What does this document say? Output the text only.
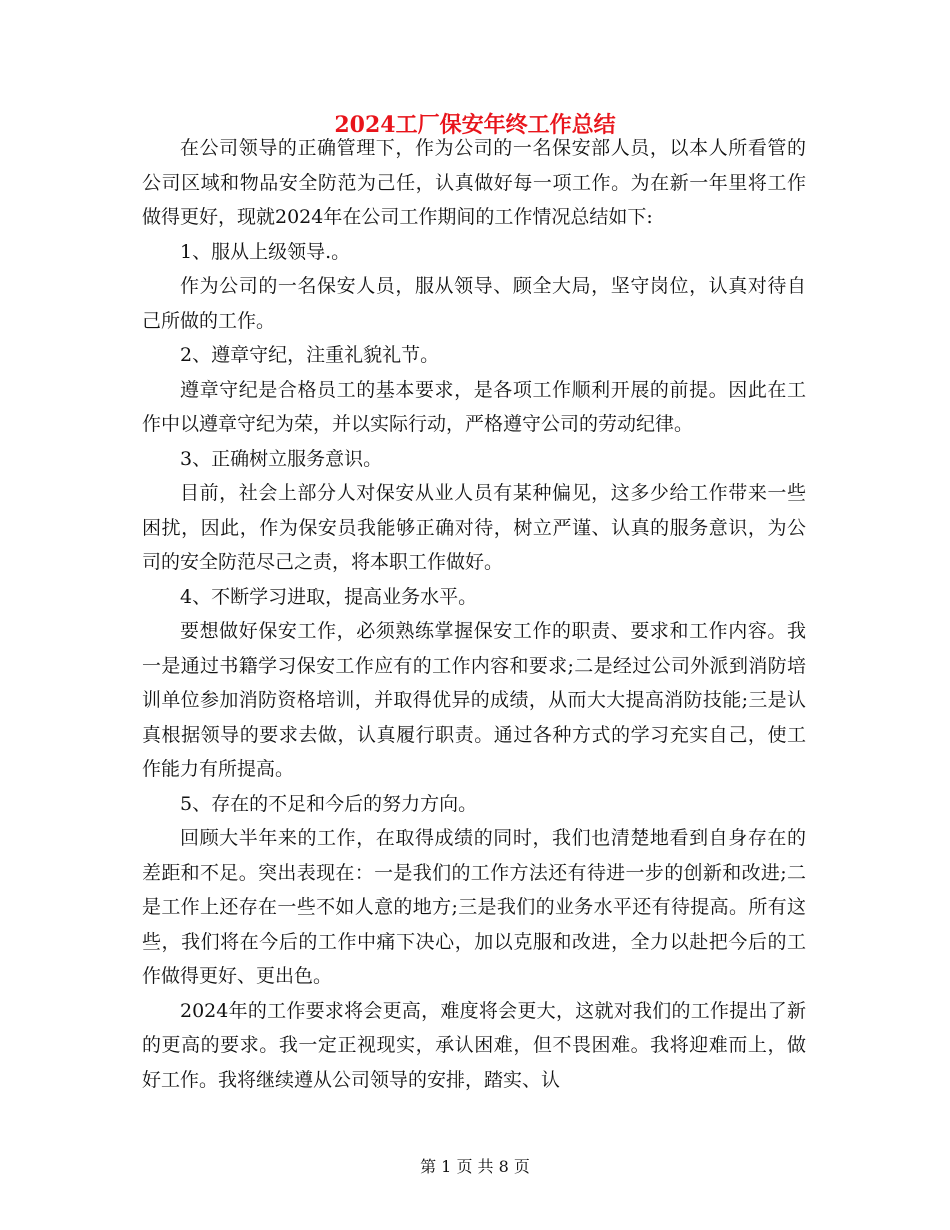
2024工厂保安年终工作总结

在公司领导的正确管理下，作为公司的一名保安部人员，以本人所看管的公司区域和物品安全防范为己任，认真做好每一项工作。为在新一年里将工作做得更好，现就2024年在公司工作期间的工作情况总结如下:

1、服从上级领导.。

作为公司的一名保安人员，服从领导、顾全大局，坚守岗位，认真对待自己所做的工作。

2、遵章守纪，注重礼貌礼节。

遵章守纪是合格员工的基本要求，是各项工作顺利开展的前提。因此在工作中以遵章守纪为荣，并以实际行动，严格遵守公司的劳动纪律。

3、正确树立服务意识。

目前，社会上部分人对保安从业人员有某种偏见，这多少给工作带来一些困扰，因此，作为保安员我能够正确对待，树立严谨、认真的服务意识，为公司的安全防范尽己之责，将本职工作做好。

4、不断学习进取，提高业务水平。

要想做好保安工作，必须熟练掌握保安工作的职责、要求和工作内容。我一是通过书籍学习保安工作应有的工作内容和要求;二是经过公司外派到消防培训单位参加消防资格培训，并取得优异的成绩，从而大大提高消防技能;三是认真根据领导的要求去做，认真履行职责。通过各种方式的学习充实自己，使工作能力有所提高。

5、存在的不足和今后的努力方向。

回顾大半年来的工作，在取得成绩的同时，我们也清楚地看到自身存在的差距和不足。突出表现在：一是我们的工作方法还有待进一步的创新和改进;二是工作上还存在一些不如人意的地方;三是我们的业务水平还有待提高。所有这些，我们将在今后的工作中痛下决心，加以克服和改进，全力以赴把今后的工作做得更好、更出色。

2024年的工作要求将会更高，难度将会更大，这就对我们的工作提出了新的更高的要求。我一定正视现实，承认困难，但不畏困难。我将迎难而上，做好工作。我将继续遵从公司领导的安排，踏实、认

第 1 页 共 8 页
